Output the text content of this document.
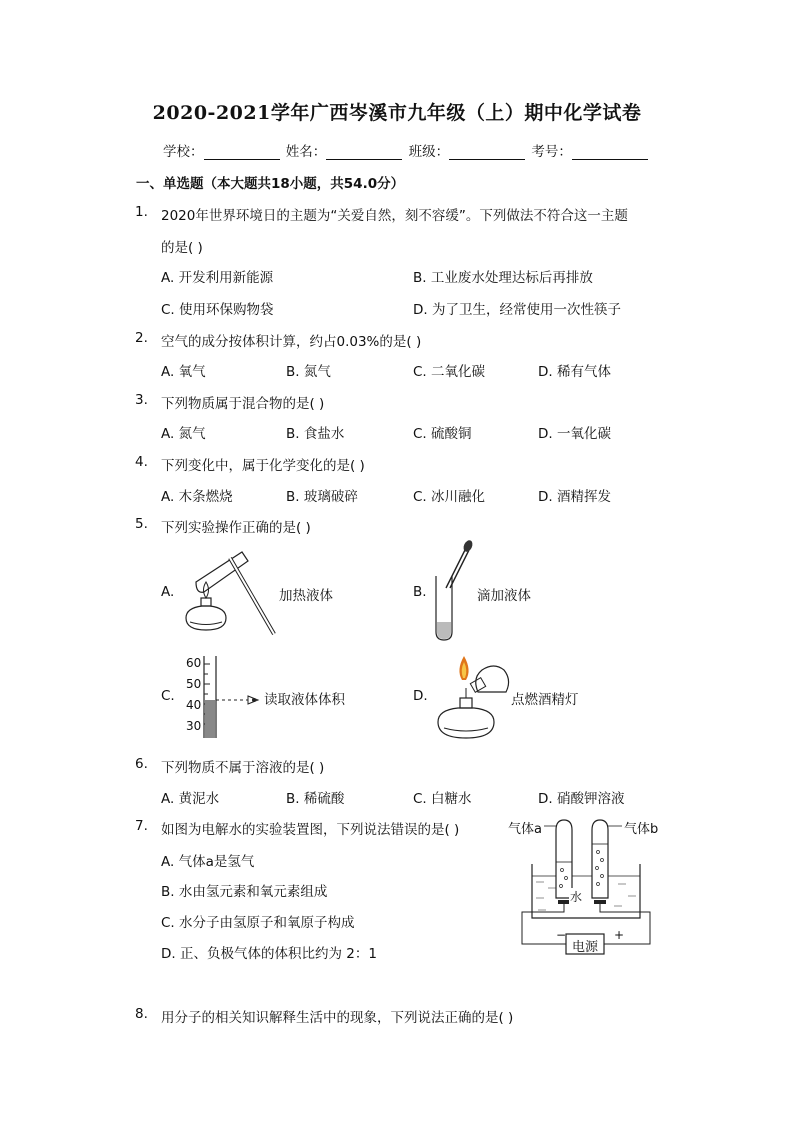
2020-2021学年广西岑溪市九年级（上）期中化学试卷
学校：	姓名：	班级：	考号：
一、单选题（本大题共18小题，共54.0分）
1. 2020年世界环境日的主题为“关爱自然，刻不容缓”。下列做法不符合这一主题
的是( )
A. 开发利用新能源	B. 工业废水处理达标后再排放
C. 使用环保购物袋	D. 为了卫生，经常使用一次性筷子
2. 空气的成分按体积计算，约占0.03%的是( )
A. 氧气	B. 氮气	C. 二氧化碳	D. 稀有气体
3. 下列物质属于混合物的是( )
A. 氮气	B. 食盐水	C. 硫酸铜	D. 一氧化碳
4. 下列变化中，属于化学变化的是( )
A. 木条燃烧	B. 玻璃破碎	C. 冰川融化	D. 酒精挥发
5. 下列实验操作正确的是( )
A.	加热液体	B.	滴加液体
C.
60
50
40
30
读取液体体积	D.	点燃酒精灯
6. 下列物质不属于溶液的是( )
A. 黄泥水	B. 稀硫酸	C. 白糖水	D. 硝酸钾溶液
7. 如图为电解水的实验装置图，下列说法错误的是( )
A. 气体a是氢气
B. 水由氢元素和氧元素组成
C. 水分子由氢原子和氧原子构成
D. 正、负极气体的体积比约为 2：1
气体a	气体b
水
电源
−	+
8. 用分子的相关知识解释生活中的现象，下列说法正确的是( )
